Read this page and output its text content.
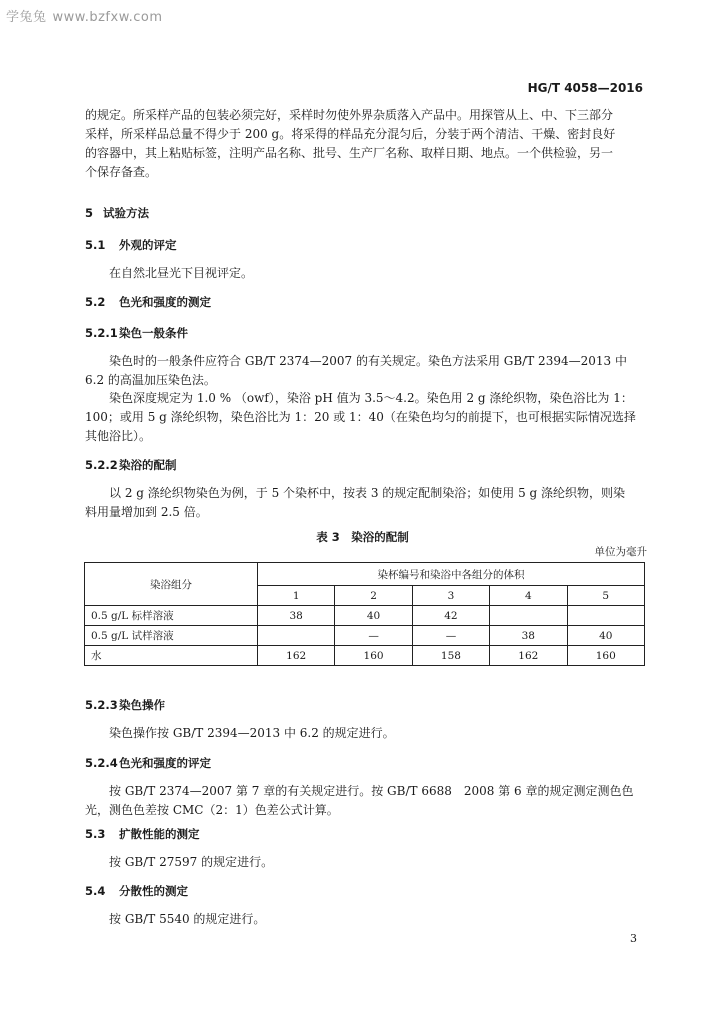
学兔兔 www.bzfxw.com
HG/T 4058—2016
的规定。所采样产品的包装必须完好，采样时勿使外界杂质落入产品中。用探管从上、中、下三部分
采样，所采样品总量不得少于 200 g。将采得的样品充分混匀后，分装于两个清洁、干燥、密封良好
的容器中，其上粘贴标签，注明产品名称、批号、生产厂名称、取样日期、地点。一个供检验，另一
个保存备查。
5 试验方法
5.1 外观的评定
在自然北昼光下目视评定。
5.2 色光和强度的测定
5.2.1染色一般条件
染色时的一般条件应符合 GB/T 2374—2007 的有关规定。染色方法采用 GB/T 2394—2013 中
6.2 的高温加压染色法。
染色深度规定为 1.0 % （owf），染浴 pH 值为 3.5～4.2。染色用 2 g 涤纶织物，染色浴比为 1：
100；或用 5 g 涤纶织物，染色浴比为 1：20 或 1：40（在染色均匀的前提下，也可根据实际情况选择
其他浴比）。
5.2.2染浴的配制
以 2 g 涤纶织物染色为例，于 5 个染杯中，按表 3 的规定配制染浴；如使用 5 g 涤纶织物，则染
料用量增加到 2.5 倍。
表 3　染浴的配制
单位为毫升
染浴组分	染杯编号和染浴中各组分的体积				
	1	2	3	4	5
0.5 g/L 标样溶液	38	40	42		
0.5 g/L 试样溶液		—	—	38	40
水	162	160	158	162	160
5.2.3染色操作
染色操作按 GB/T 2394—2013 中 6.2 的规定进行。
5.2.4色光和强度的评定
按 GB/T 2374—2007 第 7 章的有关规定进行。按 GB/T 6688　2008 第 6 章的规定测定测色色
光，测色色差按 CMC（2：1）色差公式计算。
5.3 扩散性能的测定
按 GB/T 27597 的规定进行。
5.4 分散性的测定
按 GB/T 5540 的规定进行。
3
